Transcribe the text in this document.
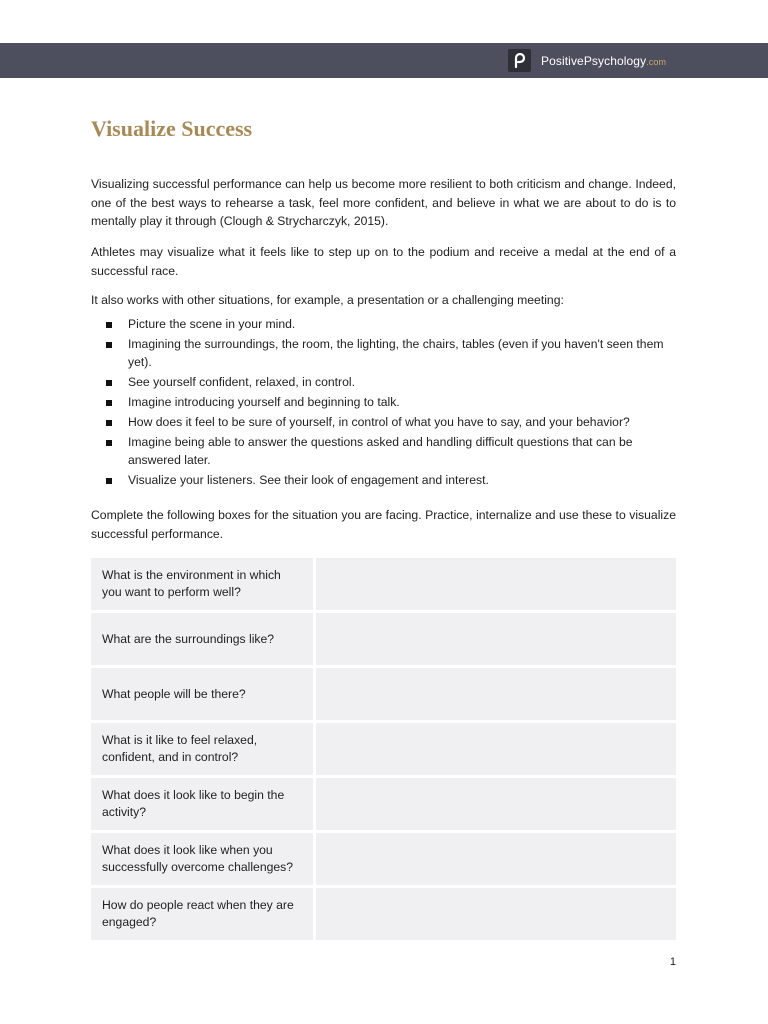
PositivePsychology.com
Visualize Success

Visualizing successful performance can help us become more resilient to both criticism and change. Indeed, one of the best ways to rehearse a task, feel more confident, and believe in what we are about to do is to mentally play it through (Clough & Strycharczyk, 2015).

Athletes may visualize what it feels like to step up on to the podium and receive a medal at the end of a successful race.

It also works with other situations, for example, a presentation or a challenging meeting:

Picture the scene in your mind.
Imagining the surroundings, the room, the lighting, the chairs, tables (even if you haven't seen them yet).
See yourself confident, relaxed, in control.
Imagine introducing yourself and beginning to talk.
How does it feel to be sure of yourself, in control of what you have to say, and your behavior?
Imagine being able to answer the questions asked and handling difficult questions that can be answered later.
Visualize your listeners. See their look of engagement and interest.

Complete the following boxes for the situation you are facing. Practice, internalize and use these to visualize successful performance.

What is the environment in which you want to perform well?	
What are the surroundings like?	
What people will be there?	
What is it like to feel relaxed, confident, and in control?	
What does it look like to begin the activity?	
What does it look like when you successfully overcome challenges?	
How do people react when they are engaged?	
1
